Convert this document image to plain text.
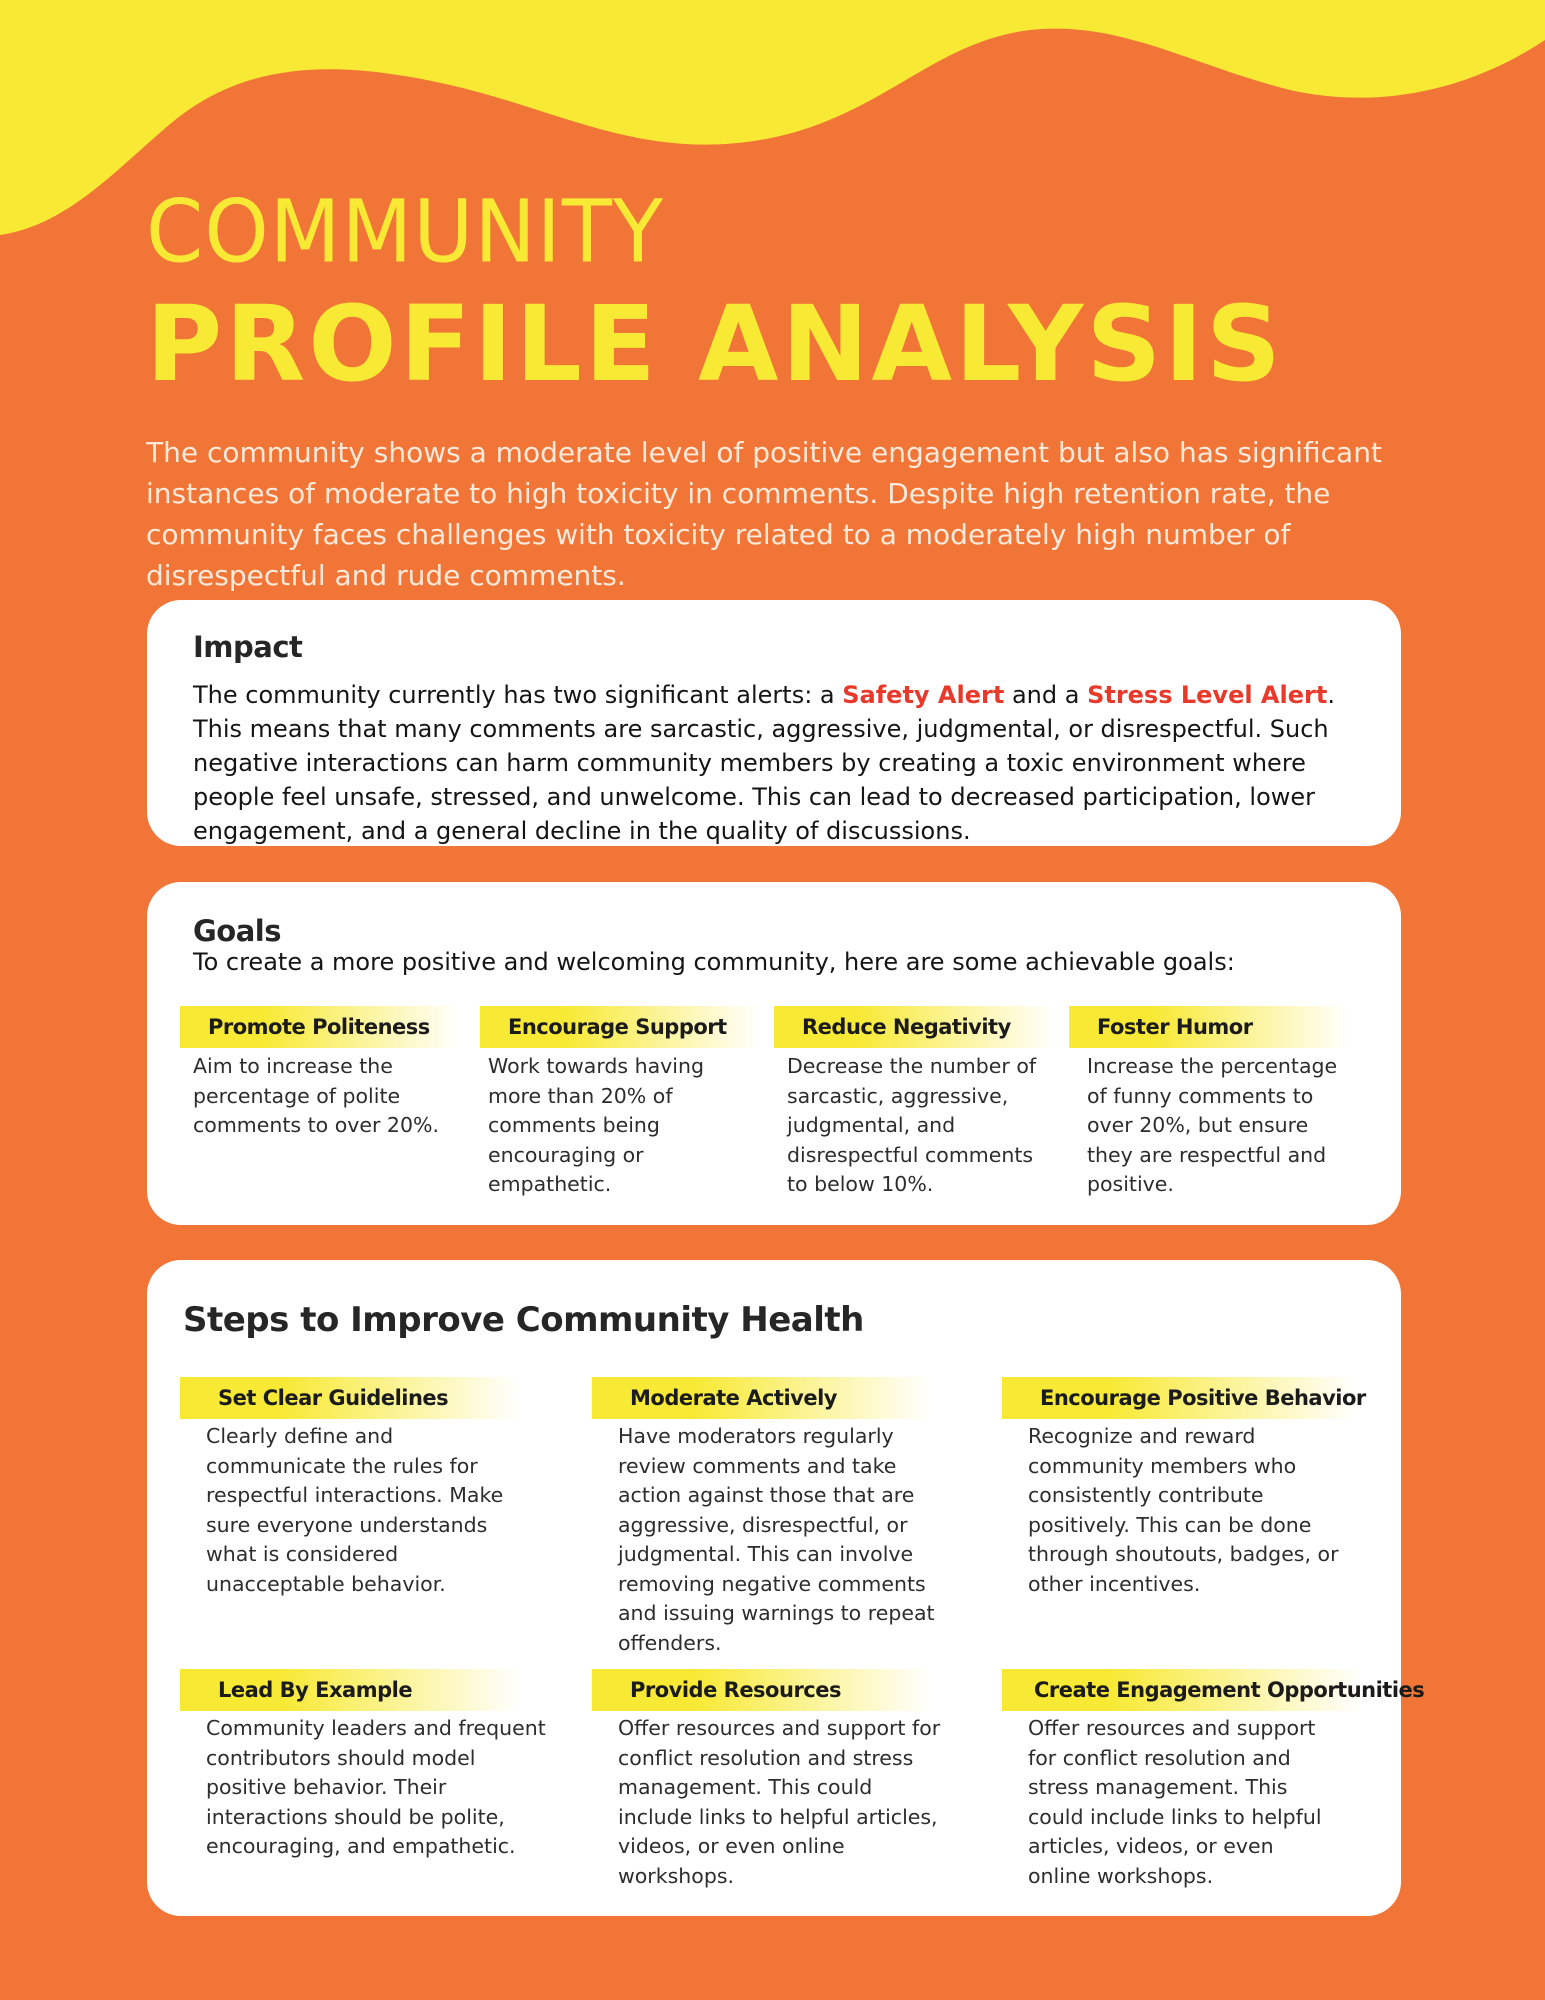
COMMUNITY
PROFILE ANALYSIS
The community shows a moderate level of positive engagement but also has significant instances of moderate to high toxicity in comments. Despite high retention rate, the community faces challenges with toxicity related to a moderately high number of disrespectful and rude comments.
Impact
The community currently has two significant alerts: a Safety Alert and a Stress Level Alert. This means that many comments are sarcastic, aggressive, judgmental, or disrespectful. Such negative interactions can harm community members by creating a toxic environment where people feel unsafe, stressed, and unwelcome. This can lead to decreased participation, lower engagement, and a general decline in the quality of discussions.
Goals
To create a more positive and welcoming community, here are some achievable goals:
Promote Politeness
Aim to increase the percentage of polite comments to over 20%.
Encourage Support
Work towards having more than 20% of comments being encouraging or empathetic.
Reduce Negativity
Decrease the number of sarcastic, aggressive, judgmental, and disrespectful comments to below 10%.
Foster Humor
Increase the percentage of funny comments to over 20%, but ensure they are respectful and positive.
Steps to Improve Community Health
Set Clear Guidelines
Clearly define and communicate the rules for respectful interactions. Make sure everyone understands what is considered unacceptable behavior.
Moderate Actively
Have moderators regularly review comments and take action against those that are aggressive, disrespectful, or judgmental. This can involve removing negative comments and issuing warnings to repeat offenders.
Encourage Positive Behavior
Recognize and reward community members who consistently contribute positively. This can be done through shoutouts, badges, or other incentives.
Lead By Example
Community leaders and frequent contributors should model positive behavior. Their interactions should be polite, encouraging, and empathetic.
Provide Resources
Offer resources and support for conflict resolution and stress management. This could include links to helpful articles, videos, or even online workshops.
Create Engagement Opportunities
Offer resources and support for conflict resolution and stress management. This could include links to helpful articles, videos, or even online workshops.
